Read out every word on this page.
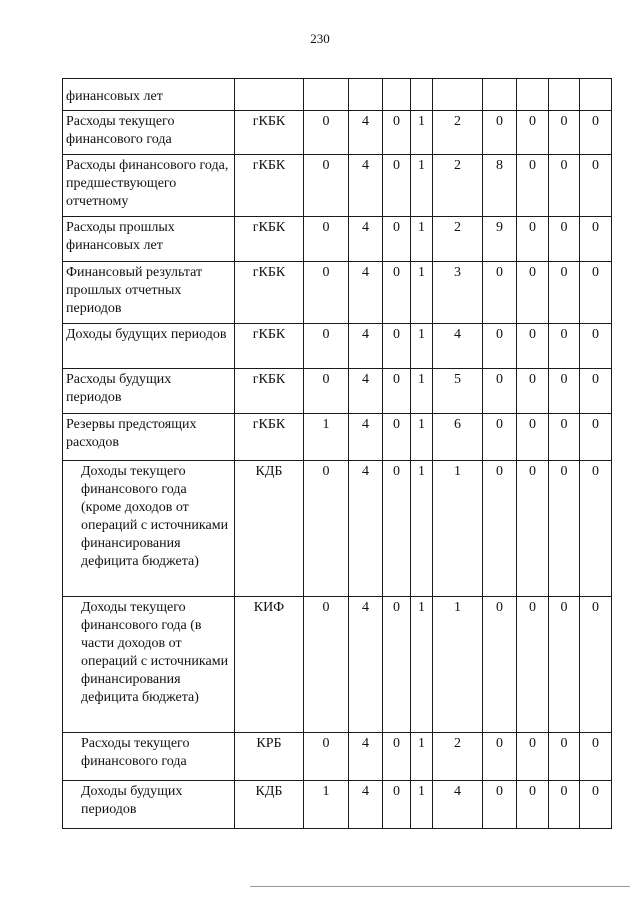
230
финансовых лет										
Расходы текущего финансового года	гКБК	0	4	0	1	2	0	0	0	0
Расходы финансового года, предшествующего отчетному	гКБК	0	4	0	1	2	8	0	0	0
Расходы прошлых финансовых лет	гКБК	0	4	0	1	2	9	0	0	0
Финансовый результат прошлых отчетных периодов	гКБК	0	4	0	1	3	0	0	0	0
Доходы будущих периодов	гКБК	0	4	0	1	4	0	0	0	0
Расходы будущих периодов	гКБК	0	4	0	1	5	0	0	0	0
Резервы предстоящих расходов	гКБК	1	4	0	1	6	0	0	0	0
Доходы текущего финансового года (кроме доходов от операций с источниками финансирования дефицита бюджета)	КДБ	0	4	0	1	1	0	0	0	0
Доходы текущего финансового года (в части доходов от операций с источниками финансирования дефицита бюджета)	КИФ	0	4	0	1	1	0	0	0	0
Расходы текущего финансового года	КРБ	0	4	0	1	2	0	0	0	0
Доходы будущих периодов	КДБ	1	4	0	1	4	0	0	0	0
